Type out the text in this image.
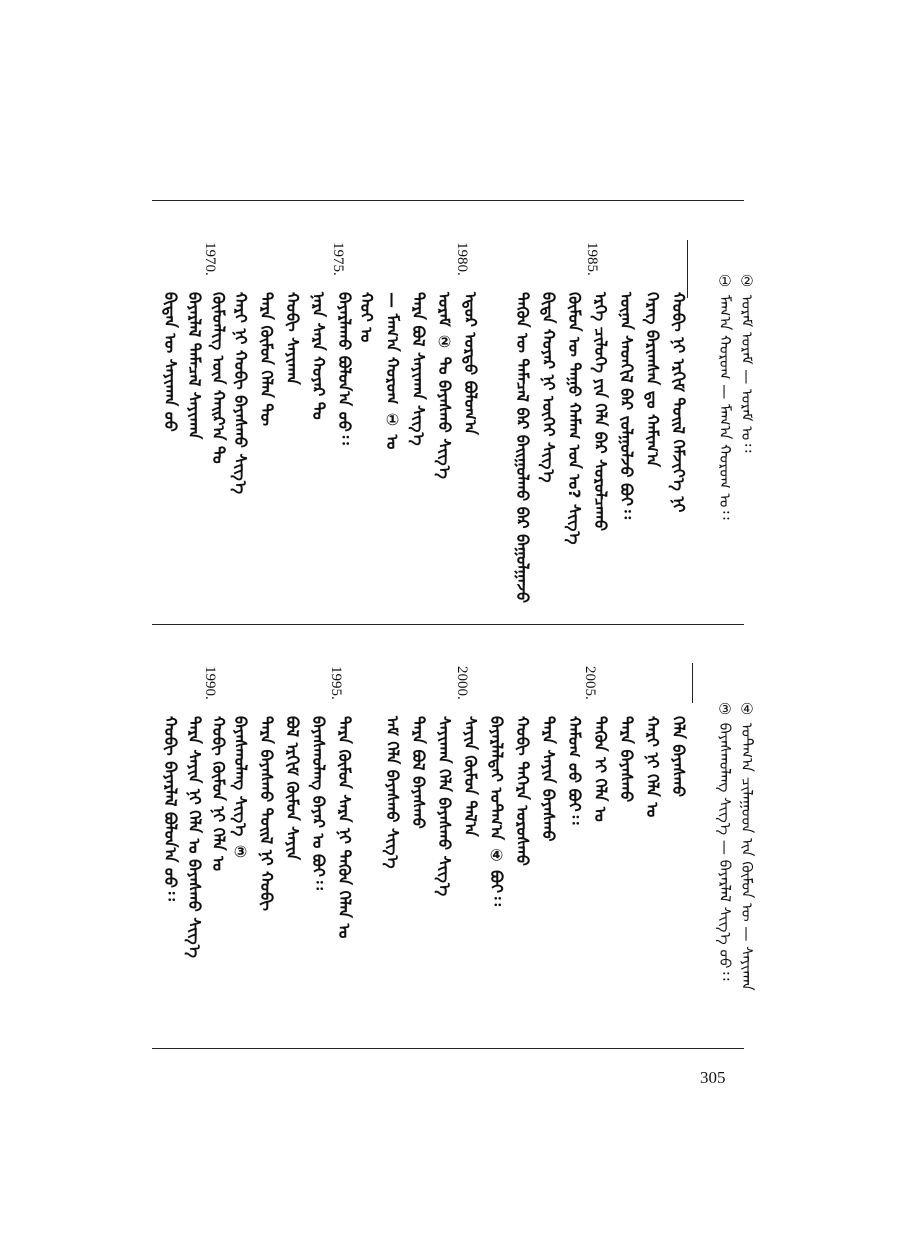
305
② ᠤᠷᠠᠮ ᠤᠷᠠᠮ — ᠤᠷᠠᠮ ᠤ᠄᠄
① ᠮᠠᠭ᠎ᠠ ᠬᠣᠷᠤᠭ᠋ — ᠮᠠᠭ᠎ᠠ ᠬᠣᠷᠤᠭ᠋ ᠤ᠄᠄
ᠬᠤᠪᠢ ᠨᠢ ᠡᠷᠬᠢᠮ ᠲᠤᠢᠯ ᠬᠡᠮᠵᠢᠶ᠎ᠡ ᠨᠢ
ᠬᠡᠷᠡᠭ ᠪᠠᠷᠢᠭᠰᠠᠨ ᠳᠤ ᠬᠠᠮᠢᠭ᠎ᠠ
ᠦᠨᠡᠨ ᠰᠡᠳᠬᠢᠯ ᠪᠡᠷ ᠵᠣᠯᠭᠤᠯᠵᠤ ᠪᠣᠢ᠄᠄
1985.
ᠡᠷᠬᠡ ᠴᠢᠯᠦᠭᠡ ᠶᠢᠨ ᠬᠡᠯᠡ ᠪᠡᠷ ᠰᠤᠷᠤᠯᠴᠠᠬᠤ
ᠬᠦᠮᠦᠨ ᠦ ᠳᠠᠭᠤ ᠬᠠᠮᠠᠭ ᠤᠨ ᠤ? ᠰᠢᠭ᠎ᠡ
ᠪᠢᠳᠡ ᠬᠣᠶᠠᠷ ᠨᠢ ᠦᠭᠡᠢ ᠰᠢᠭ᠎ᠡ
ᠲᠡᠭᠦᠨ ᠦ ᠲᠡᠮᠡᠴᠡᠯ ᠪᠡᠷ ᠪᠠᠢᠭᠤᠯᠬᠤ ᠪᠠᠷ ᠪᠠᠭᠤᠯᠭᠠᠵᠤ
1980.
ᠡᠳᠦᠷ ᠤᠷᠳᠤ ᠪᠤᠯᠤᠭ᠎ᠠ
ᠤᠷᠠᠮ ② ᠲᠤ ᠪᠠᠶᠠᠰᠬᠤ ᠰᠢᠭ᠎ᠡ
ᠲᠡᠷᠡ ᠪᠣᠯ ᠰᠠᠶᠢᠬᠠᠨ ᠰᠢᠭ᠎ᠡ
— ᠮᠠᠭ᠎ᠠ ᠬᠣᠷᠤᠭ ① ᠤ
ᠬᠤᠢ ᠤ
1975.
ᠪᠠᠶᠠᠷᠯᠠᠬᠤ ᠪᠣᠯᠤᠨ᠎ᠠ ᠤᠤ᠄᠄
ᠨᠠᠷᠠ ᠰᠠᠷᠠ ᠬᠣᠶᠠᠷ ᠲᠤ
ᠬᠤᠪᠢ ᠰᠠᠶᠢᠬᠠᠨ
ᠲᠡᠷᠡ ᠬᠦᠮᠦᠨ ᠬᠡᠯᠡᠨ ᠲᠦ
ᠬᠠᠷᠢ ᠨᠢ ᠬᠤᠪᠢ ᠪᠠᠶᠠᠰᠬᠤ ᠰᠢᠭ᠎ᠡ
1970.
ᠬᠦᠮᠦᠨᠯᠢᠭ ᠦᠨ ᠬᠠᠢᠷ᠎ᠠ ᠲᠤ
ᠪᠠᠶᠠᠷᠯᠠᠯ ᠲᠡᠮᠡᠴᠡᠯ ᠰᠠᠶᠢᠬᠠᠨ
ᠪᠢᠳᠡᠨ ᠦ ᠰᠠᠶᠢᠬᠠᠨ ᠤᠤ
④ ᠤᠲᠬ᠎ᠠ ᠴᠢᠯᠠᠭᠤᠳ ᠢᠨ ᠬᠦᠮᠦᠨ ᠦ — ᠰᠠᠶᠢᠬᠠᠨ
③ ᠪᠠᠶᠠᠰᠬᠤᠯᠠᠩ ᠰᠢᠭ᠎ᠡ — ᠪᠠᠶᠠᠷᠯᠠᠯ ᠰᠢᠭ᠎ᠡ ᠤᠤ᠄᠄
ᠬᠡᠯᠡ ᠪᠠᠶᠠᠰᠬᠤ
ᠬᠠᠷᠢ ᠨᠢ ᠬᠡᠯᠡ ᠤ
ᠲᠡᠷᠡ ᠪᠠᠶᠠᠰᠬᠤ
2005.
ᠲᠡᠭᠦᠨ ᠢ ᠬᠡᠯᠡ ᠤ
ᠬᠠᠮᠤᠭ ᠤᠤ ᠪᠣᠢ᠄᠄
ᠲᠡᠷᠡ ᠰᠠᠶᠢᠨ ᠪᠠᠶᠠᠰᠬᠤ
ᠬᠤᠪᠢ ᠳᠡᠭᠡᠷᠡ ᠤᠷᠤᠰᠬᠤ
ᠪᠠᠶᠠᠷᠯᠠᠯᠲᠠᠢ ᠤᠲᠬ᠎ᠠ ④ ᠪᠣᠢ᠄᠄
2000.
ᠰᠠᠶᠢᠨ ᠬᠦᠮᠦᠨ ᠲᠠᠯ᠎ᠠ
ᠰᠠᠶᠢᠬᠠᠨ ᠬᠡᠯᠡ ᠪᠠᠶᠠᠰᠬᠤ ᠰᠢᠭ᠎ᠡ
ᠲᠡᠷᠡ ᠪᠣᠯ ᠪᠠᠶᠠᠰᠬᠤ
ᠠᠮ ᠬᠡᠯᠡ ᠪᠠᠶᠠᠰᠬᠤ ᠰᠢᠭ᠎ᠡ
1995.
ᠲᠡᠷᠡ ᠬᠦᠮᠦᠨ ᠰᠠᠷᠠ ᠨᠢ ᠲᠡᠭᠦᠨ ᠬᠡᠯᠡᠨ ᠤ
ᠪᠠᠶᠠᠰᠬᠤᠯᠠᠩ ᠪᠠᠶᠠᠷ ᠤ ᠪᠣᠢ᠄᠄
ᠪᠣᠯ ᠡᠷᠬᠢᠮ ᠬᠦᠮᠦᠨ ᠰᠠᠶᠢᠨ
ᠲᠡᠷᠡ ᠪᠠᠶᠠᠰᠬᠤ ᠲᠤᠢᠯ ᠨᠢ ᠬᠤᠪᠢ
ᠪᠠᠶᠠᠰᠬᠤᠯᠠᠩ ᠰᠢᠭ᠎ᠡ ③
1990.
ᠬᠤᠪᠢ ᠬᠦᠮᠦᠨ ᠨᠢ ᠬᠡᠯᠡ ᠤ
ᠲᠡᠷᠡ ᠰᠠᠶᠢᠨ ᠨᠢ ᠬᠡᠯᠡ ᠤ ᠪᠠᠶᠠᠰᠬᠤ ᠰᠢᠭ᠎ᠡ
ᠬᠤᠪᠢ ᠪᠠᠶᠠᠷᠯᠠᠯ ᠪᠣᠯᠤᠨ᠎ᠠ ᠤᠤ᠄᠄
